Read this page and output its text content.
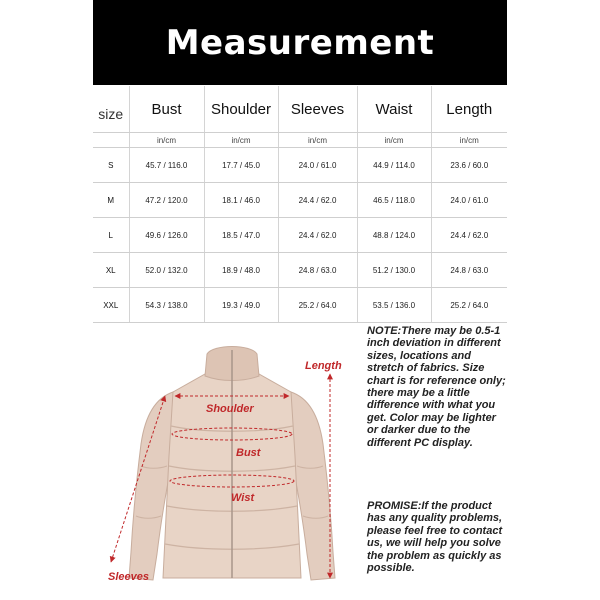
Measurement
size	Bust	Shoulder	Sleeves	Waist	Length
	in/cm	in/cm	in/cm	in/cm	in/cm
S	45.7 / 116.0	17.7 / 45.0	24.0 / 61.0	44.9 / 114.0	23.6 / 60.0
M	47.2 / 120.0	18.1 / 46.0	24.4 / 62.0	46.5 / 118.0	24.0 / 61.0
L	49.6 / 126.0	18.5 / 47.0	24.4 / 62.0	48.8 / 124.0	24.4 / 62.0
XL	52.0 / 132.0	18.9 / 48.0	24.8 / 63.0	51.2 / 130.0	24.8 / 63.0
XXL	54.3 / 138.0	19.3 / 49.0	25.2 / 64.0	53.5 / 136.0	25.2 / 64.0
Length
Shoulder
Bust
Wist
Sleeves
NOTE:There may be 0.5-1 inch deviation in different sizes, locations and stretch of fabrics. Size chart is for reference only; there may be a little difference with what you get. Color may be lighter or darker due to the different PC display.
PROMISE:If the product has any quality problems, please feel free to contact us, we will help you solve the problem as quickly as possible.
